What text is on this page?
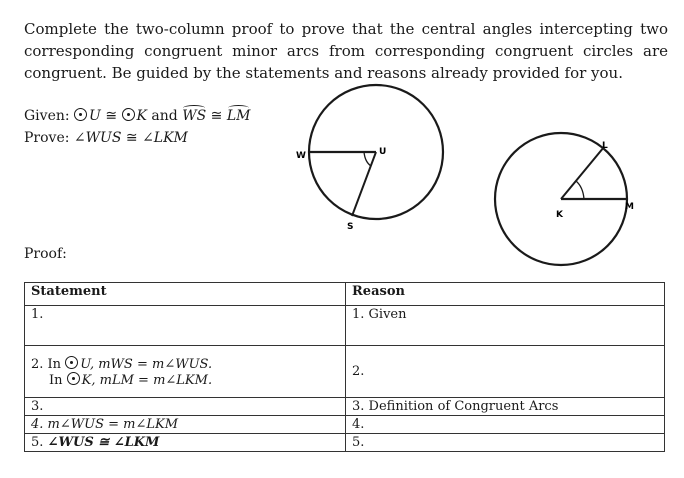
Complete the two-column proof to prove that the central angles intercepting two corresponding congruent minor arcs from corresponding congruent circles are congruent. Be guided by the statements and reasons already provided for you.
Given: U ≅ K and WS ≅ LM
Prove: ∠WUS ≅ ∠LKM
W	U
S
L
K
M
Proof:
Statement	Reason
1.	1. Given
2. In U, mWS = m∠WUS.
In K, mLM = m∠LKM.	2.
3.	3. Definition of Congruent Arcs
4. m∠WUS = m∠LKM	4.
5. ∠WUS ≅ ∠LKM	5.
